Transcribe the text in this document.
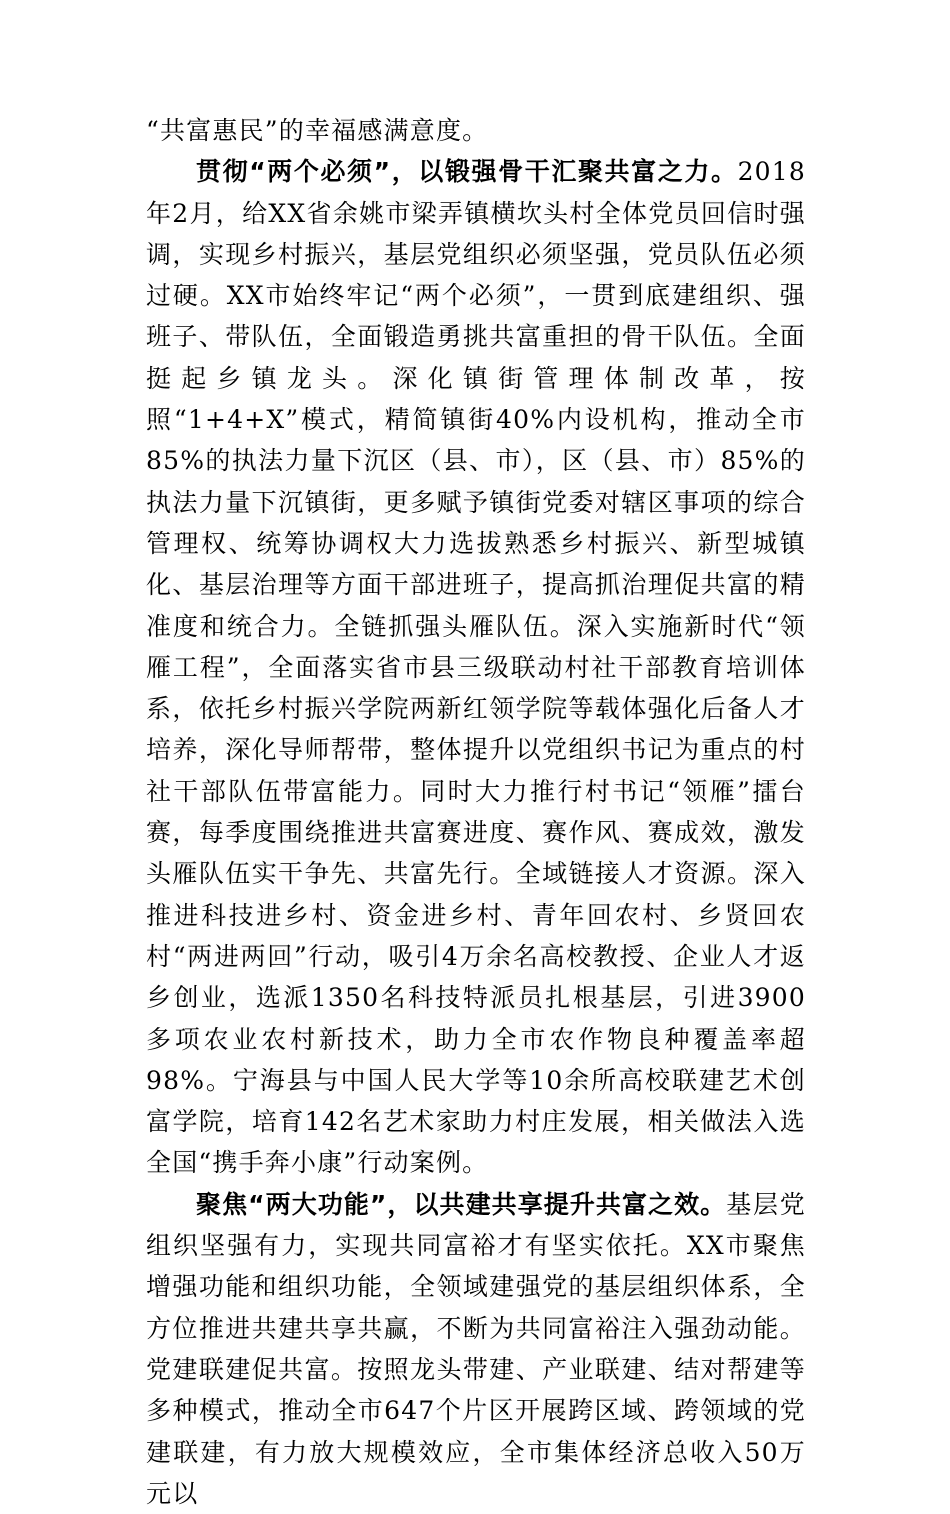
“共富惠民”的幸福感满意度。

贯彻“两个必须”，以锻强骨干汇聚共富之力。2018年2月，给XX省余姚市梁弄镇横坎头村全体党员回信时强调，实现乡村振兴，基层党组织必须坚强，党员队伍必须过硬。XX市始终牢记“两个必须”，一贯到底建组织、强班子、带队伍，全面锻造勇挑共富重担的骨干队伍。全面挺起乡镇龙头。深化镇街管理体制改革，按照“1+4+X”模式，精简镇街40%内设机构，推动全市85%的执法力量下沉区（县、市），区（县、市）85%的执法力量下沉镇街，更多赋予镇街党委对辖区事项的综合管理权、统筹协调权大力选拔熟悉乡村振兴、新型城镇化、基层治理等方面干部进班子，提高抓治理促共富的精准度和统合力。全链抓强头雁队伍。深入实施新时代“领雁工程”，全面落实省市县三级联动村社干部教育培训体系，依托乡村振兴学院两新红领学院等载体强化后备人才培养，深化导师帮带，整体提升以党组织书记为重点的村社干部队伍带富能力。同时大力推行村书记“领雁”擂台赛，每季度围绕推进共富赛进度、赛作风、赛成效，激发头雁队伍实干争先、共富先行。全域链接人才资源。深入推进科技进乡村、资金进乡村、青年回农村、乡贤回农村“两进两回”行动，吸引4万余名高校教授、企业人才返乡创业，选派1350名科技特派员扎根基层，引进3900多项农业农村新技术，助力全市农作物良种覆盖率超98%。宁海县与中国人民大学等10余所高校联建艺术创富学院，培育142名艺术家助力村庄发展，相关做法入选全国“携手奔小康”行动案例。

聚焦“两大功能”，以共建共享提升共富之效。基层党组织坚强有力，实现共同富裕才有坚实依托。XX市聚焦增强功能和组织功能，全领域建强党的基层组织体系，全方位推进共建共享共赢，不断为共同富裕注入强劲动能。党建联建促共富。按照龙头带建、产业联建、结对帮建等多种模式，推动全市647个片区开展跨区域、跨领域的党建联建，有力放大规模效应，全市集体经济总收入50万元以
